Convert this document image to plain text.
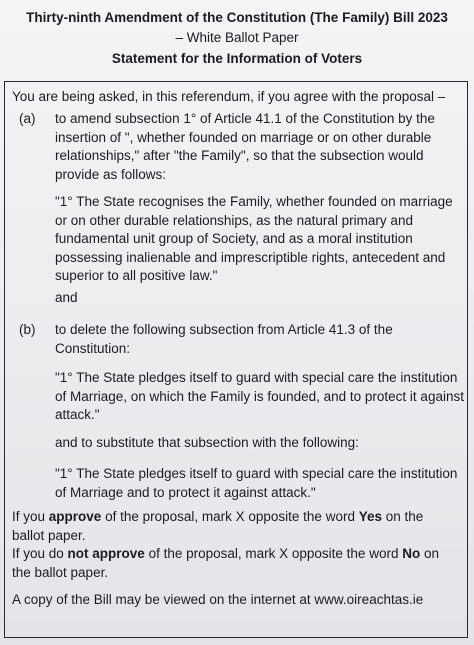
Thirty-ninth Amendment of the Constitution (The Family) Bill 2023

– White Ballot Paper

Statement for the Information of Voters

You are being asked, in this referendum, if you agree with the proposal –
(a) to amend subsection 1° of Article 41.1 of the Constitution by the insertion of ", whether founded on marriage or on other durable relationships," after "the Family", so that the subsection would provide as follows:
"1° The State recognises the Family, whether founded on marriage or on other durable relationships, as the natural primary and fundamental unit group of Society, and as a moral institution possessing inalienable and imprescriptible rights, antecedent and superior to all positive law."
and
(b) to delete the following subsection from Article 41.3 of the Constitution:
"1° The State pledges itself to guard with special care the institution of Marriage, on which the Family is founded, and to protect it against attack."
and to substitute that subsection with the following:
"1° The State pledges itself to guard with special care the institution of Marriage and to protect it against attack."
If you approve of the proposal, mark X opposite the word Yes on the ballot paper.
If you do not approve of the proposal, mark X opposite the word No on the ballot paper.
A copy of the Bill may be viewed on the internet at www.oireachtas.ie
